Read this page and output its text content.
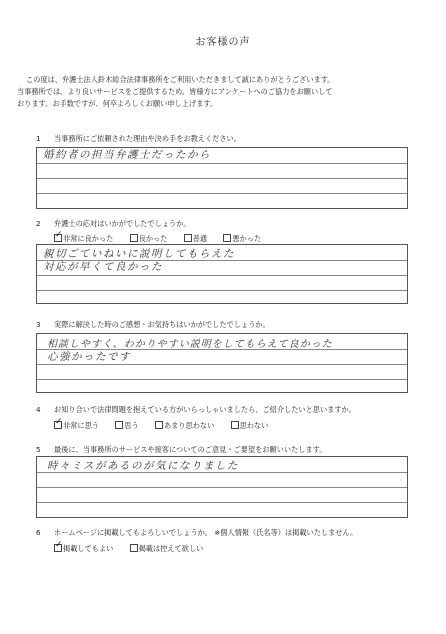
お客様の声
この度は、弁護士法人鈴木総合法律事務所をご利用いただきまして誠にありがとうございます。
当事務所では、より良いサービスをご提供するため、皆様方にアンケートへのご協力をお願いして
おります。お手数ですが、何卒よろしくお願い申し上げます。
1 当事務所にご依頼された理由や決め手をお教えください。
婚約者の担当弁護士だったから
2 弁護士の応対はいかがでしたでしょうか。
✓非常に良かった	良かった	普通	悪かった
親切ごていねいに説明してもらえた
対応が早くて良かった
3 実際に解決した時のご感想・お気持ちはいかがでしたでしょうか。
相談しやすく、わかりやすい説明をしてもらえて良かった
心強かったです
4 お知り合いで法律問題を抱えている方がいらっしゃいましたら、ご紹介したいと思いますか。
✓非常に思う	思う	あまり思わない	思わない
5 最後に、当事務所のサービスや接客についてのご意見・ご要望をお願いいたします。
時々ミスがあるのが気になりました
6 ホームページに掲載してもよろしいでしょうか。 ※個人情報（氏名等）は掲載いたしません。
✓掲載してもよい	掲載は控えて欲しい
